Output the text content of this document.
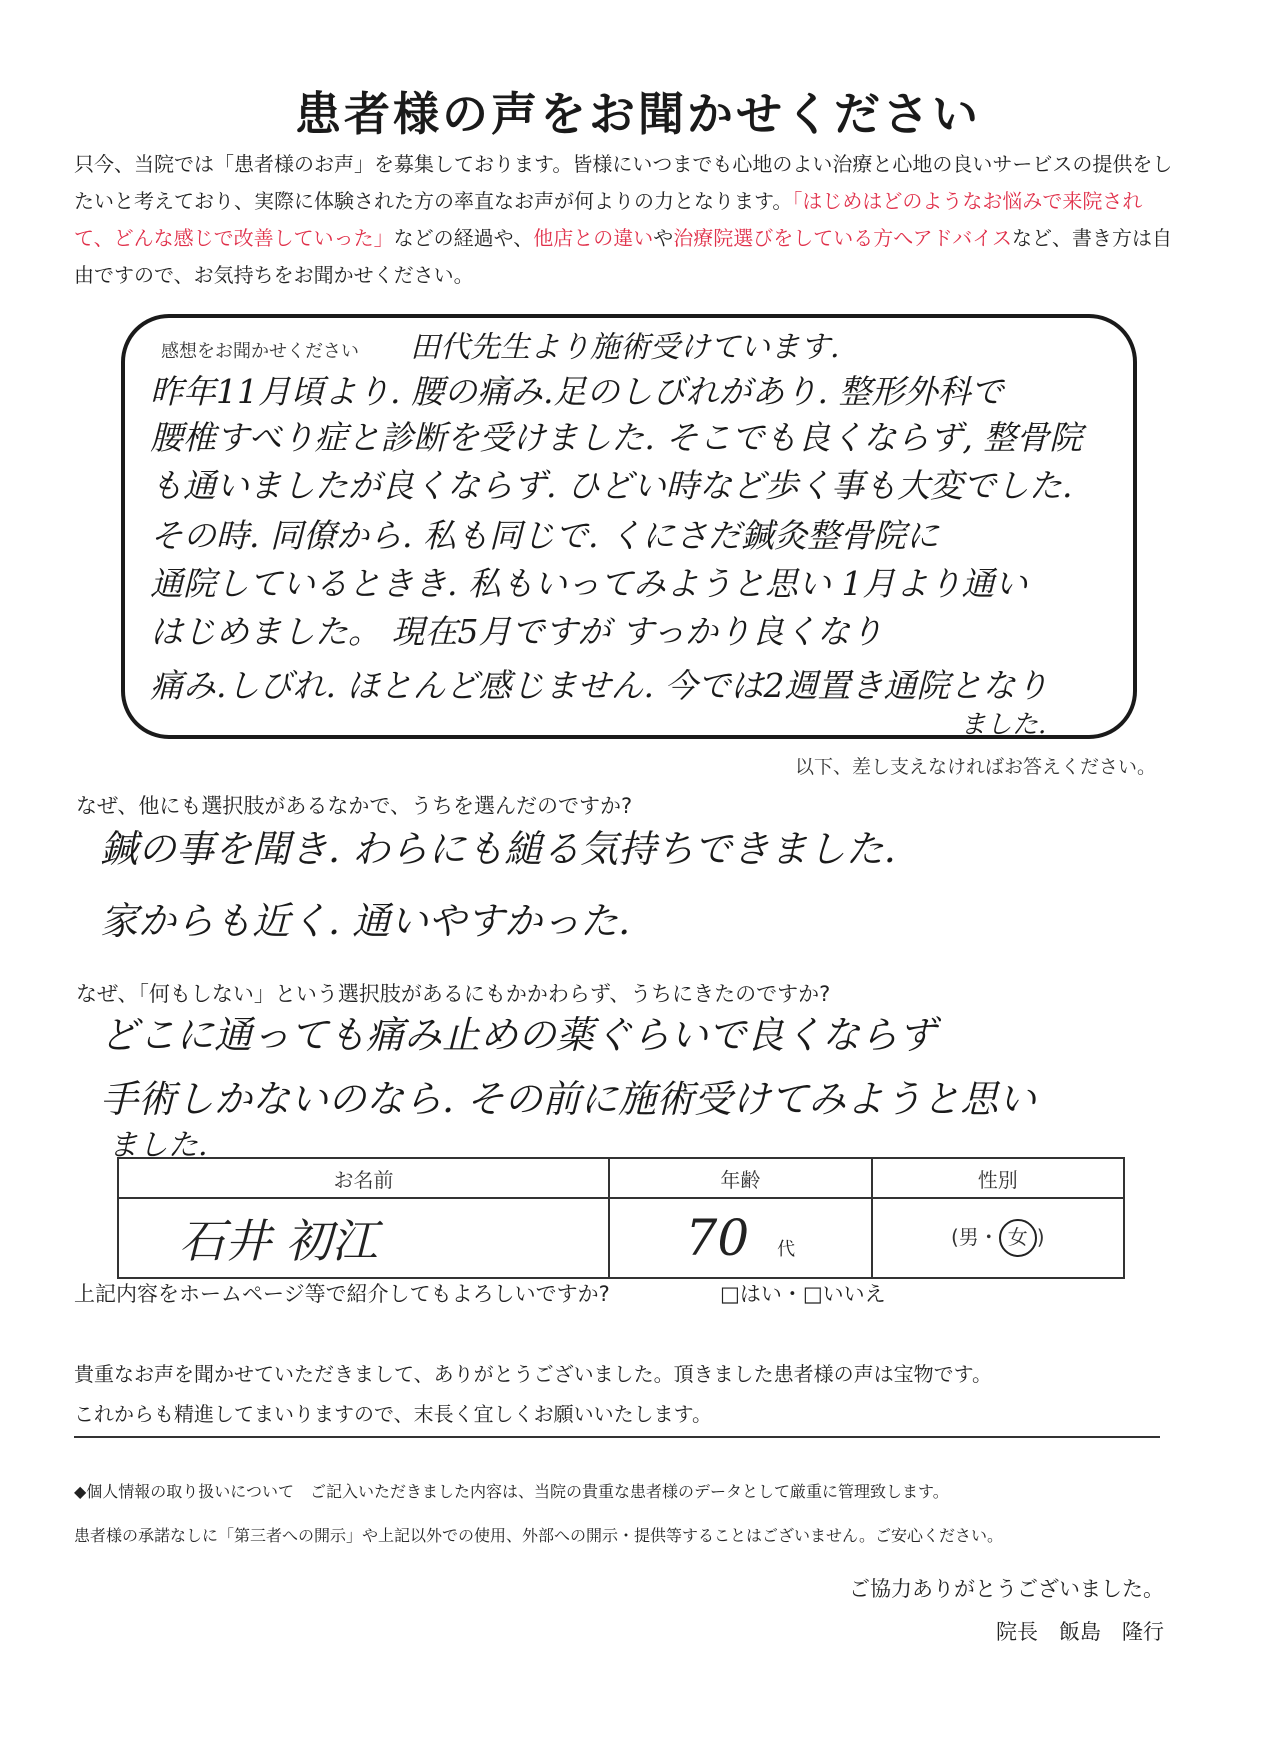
患者様の声をお聞かせください
只今、当院では「患者様のお声」を募集しております。皆様にいつまでも心地のよい治療と心地の良いサービスの提供をしたいと考えており、実際に体験された方の率直なお声が何よりの力となります。「はじめはどのようなお悩みで来院されて、どんな感じで改善していった」などの経過や、他店との違いや治療院選びをしている方へアドバイスなど、書き方は自由ですので、お気持ちをお聞かせください。
感想をお聞かせください 田代先生より施術受けています.
昨年11月頃より. 腰の痛み.足のしびれがあり. 整形外科で
腰椎すべり症と診断を受けました. そこでも良くならず, 整骨院
も通いましたが良くならず. ひどい時など歩く事も大変でした.
その時. 同僚から. 私も同じで. くにさだ鍼灸整骨院に
通院しているときき. 私もいってみようと思い 1月より通い
はじめました。 現在5月ですが すっかり良くなり
痛み.しびれ. ほとんど感じません. 今では2週置き通院となり
ました.
以下、差し支えなければお答えください。
なぜ、他にも選択肢があるなかで、うちを選んだのですか?
鍼の事を聞き. わらにも縋る気持ちできました.
家からも近く. 通いやすかった.
なぜ、「何もしない」という選択肢があるにもかかわらず、うちにきたのですか?
どこに通っても痛み止めの薬ぐらいで良くならず
手術しかないのなら. その前に施術受けてみようと思い
ました.
お名前	年齢	性別
石井 初江	70 代	(男・ 女 )
上記内容をホームページ等で紹介してもよろしいですか?	□はい・□いいえ
貴重なお声を聞かせていただきまして、ありがとうございました。頂きました患者様の声は宝物です。
これからも精進してまいりますので、末長く宜しくお願いいたします。
◆個人情報の取り扱いについて　ご記入いただきました内容は、当院の貴重な患者様のデータとして厳重に管理致します。
患者様の承諾なしに「第三者への開示」や上記以外での使用、外部への開示・提供等することはございません。ご安心ください。
ご協力ありがとうございました。
院長　飯島　隆行
